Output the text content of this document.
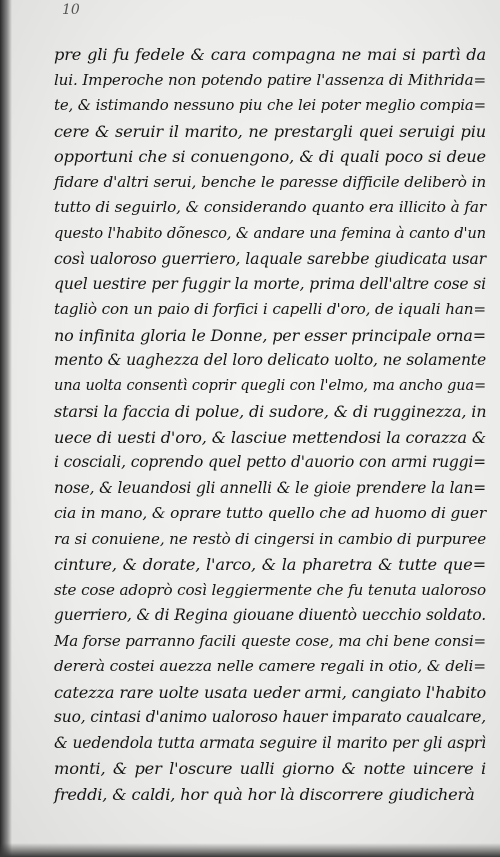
10
pre gli fu fedele & cara compagna ne mai si partì da
lui. Imperoche non potendo patire l'assenza di Mithrida=
te, & istimando nessuno piu che lei poter meglio compia=
cere & seruir il marito, ne prestargli quei seruigi piu
opportuni che si conuengono, & di quali poco si deue
fidare d'altri serui, benche le paresse difficile deliberò in
tutto di seguirlo, & considerando quanto era illicito à far
questo l'habito dõnesco, & andare una femina à canto d'un
così ualoroso guerriero, laquale sarebbe giudicata usar
quel uestire per fuggir la morte, prima dell'altre cose si
tagliò con un paio di forfici i capelli d'oro, de iquali han=
no infinita gloria le Donne, per esser principale orna=
mento & uaghezza del loro delicato uolto, ne solamente
una uolta consentì coprir quegli con l'elmo, ma ancho gua=
starsi la faccia di polue, di sudore, & di rugginezza, in
uece di uesti d'oro, & lasciue mettendosi la corazza &
i cosciali, coprendo quel petto d'auorio con armi ruggi=
nose, & leuandosi gli annelli & le gioie prendere la lan=
cia in mano, & oprare tutto quello che ad huomo di guer
ra si conuiene, ne restò di cingersi in cambio di purpuree
cinture, & dorate, l'arco, & la pharetra & tutte que=
ste cose adoprò così leggiermente che fu tenuta ualoroso
guerriero, & di Regina giouane diuentò uecchio soldato.
Ma forse parranno facili queste cose, ma chi bene consi=
dererà costei auezza nelle camere regali in otio, & deli=
catezza rare uolte usata ueder armi, cangiato l'habito
suo, cintasi d'animo ualoroso hauer imparato caualcare,
& uedendola tutta armata seguire il marito per gli asprì
monti, & per l'oscure ualli giorno & notte uincere i
freddi, & caldi, hor quà hor là discorrere giudicherà
